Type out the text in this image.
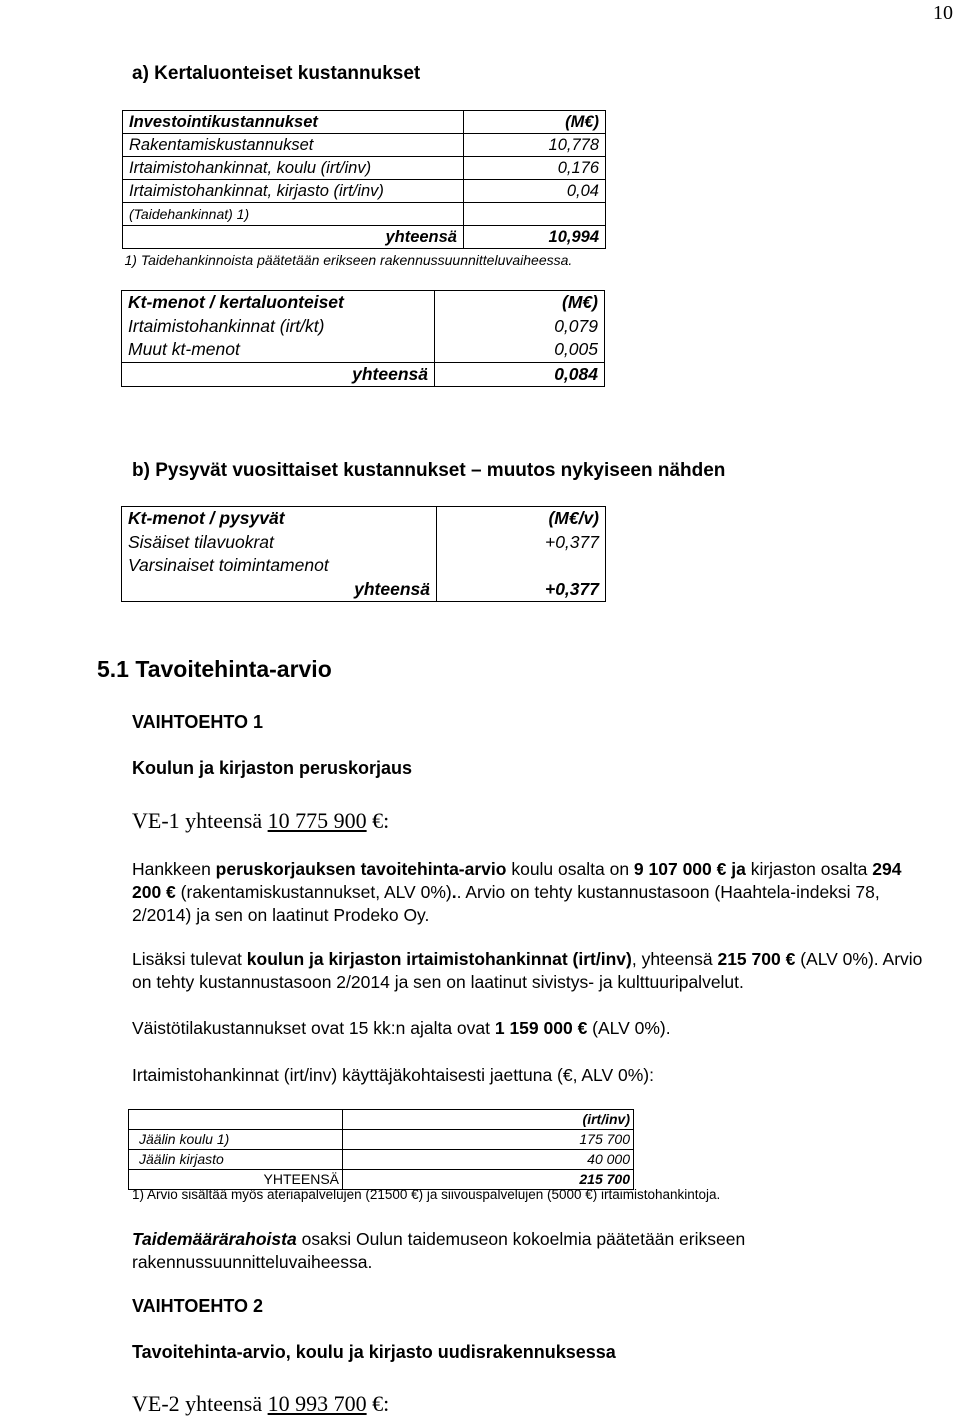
10
a) Kertaluonteiset kustannukset
Investointikustannukset	(M€)
Rakentamiskustannukset	10,778
Irtaimistohankinnat, koulu (irt/inv)	0,176
Irtaimistohankinnat, kirjasto (irt/inv)	0,04
(Taidehankinnat) 1)	
yhteensä	10,994
1) Taidehankinnoista päätetään erikseen rakennussuunnitteluvaiheessa.	
Kt-menot / kertaluonteiset	(M€)
Irtaimistohankinnat (irt/kt)	0,079
Muut kt-menot	0,005
yhteensä	0,084
b) Pysyvät vuosittaiset kustannukset – muutos nykyiseen nähden
Kt-menot / pysyvät	(M€/v)
Sisäiset tilavuokrat	+0,377
Varsinaiset toimintamenot	
yhteensä	+0,377
5.1 Tavoitehinta-arvio
VAIHTOEHTO 1
Koulun ja kirjaston peruskorjaus
VE-1 yhteensä 10 775 900 €:
Hankkeen peruskorjauksen tavoitehinta-arvio koulu osalta on 9 107 000 € ja kirjaston osalta 294 200 € (rakentamiskustannukset, ALV 0%).. Arvio on tehty kustannustasoon (Haahtela-indeksi 78, 2/2014) ja sen on laatinut Prodeko Oy.
Lisäksi tulevat koulun ja kirjaston irtaimistohankinnat (irt/inv), yhteensä 215 700 € (ALV 0%). Arvio on tehty kustannustasoon 2/2014 ja sen on laatinut sivistys- ja kulttuuripalvelut.
Väistötilakustannukset ovat 15 kk:n ajalta ovat 1 159 000 € (ALV 0%).
Irtaimistohankinnat (irt/inv) käyttäjäkohtaisesti jaettuna (€, ALV 0%):
	(irt/inv)
Jäälin koulu 1)	175 700
Jäälin kirjasto	40 000
YHTEENSÄ	215 700
1) Arvio sisältää myös ateriapalvelujen (21500 €) ja siivouspalvelujen (5000 €) irtaimistohankintoja.
Taidemäärärahoista osaksi Oulun taidemuseon kokoelmia päätetään erikseen rakennussuunnitteluvaiheessa.
VAIHTOEHTO 2
Tavoitehinta-arvio, koulu ja kirjasto uudisrakennuksessa
VE-2 yhteensä 10 993 700 €:
